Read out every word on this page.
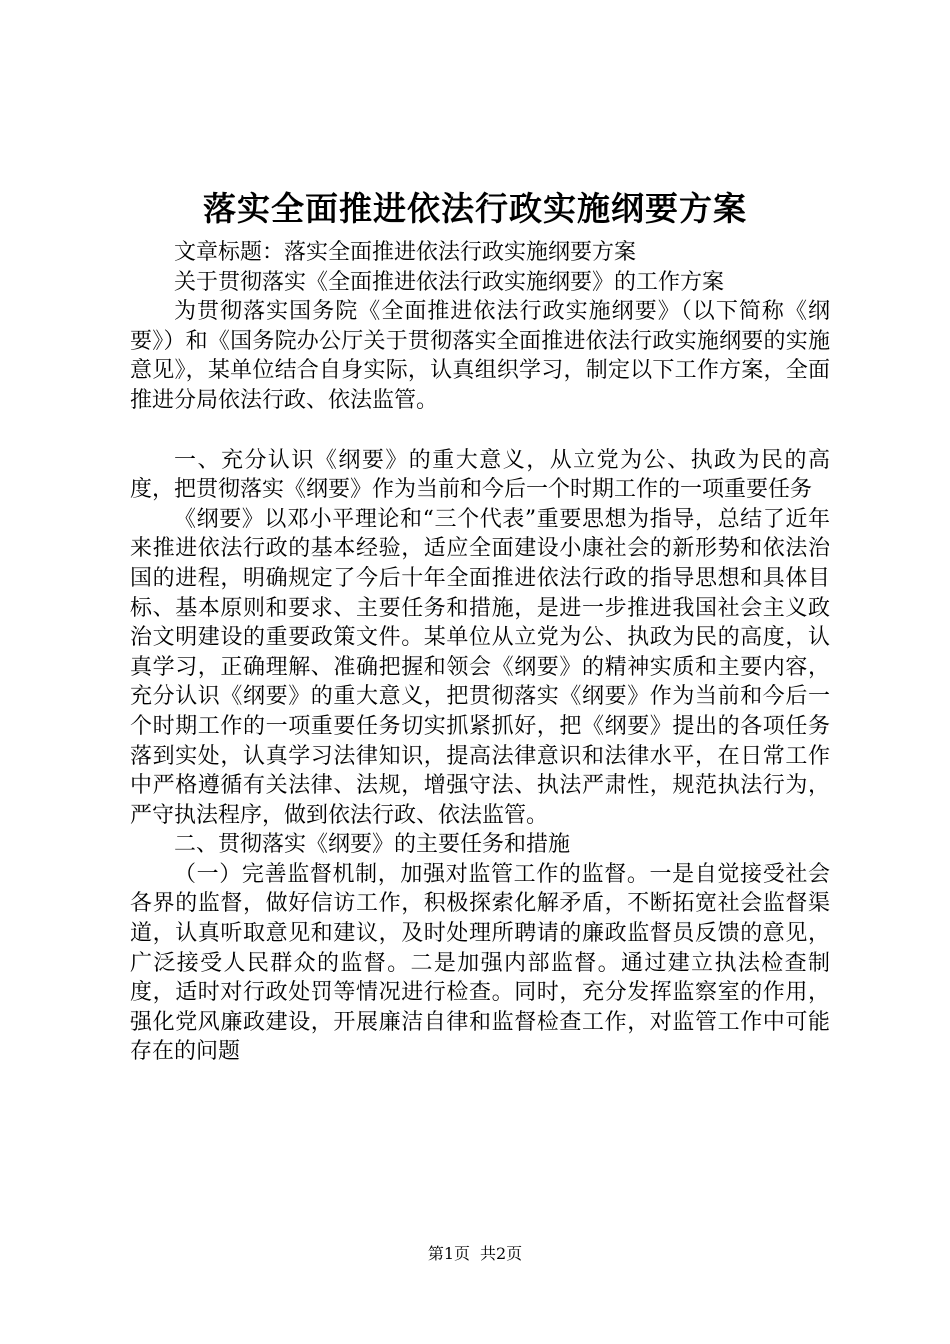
落实全面推进依法行政实施纲要方案

文章标题：落实全面推进依法行政实施纲要方案

关于贯彻落实《全面推进依法行政实施纲要》的工作方案

为贯彻落实国务院《全面推进依法行政实施纲要》（以下简称《纲要》）和《国务院办公厅关于贯彻落实全面推进依法行政实施纲要的实施意见》，某单位结合自身实际，认真组织学习，制定以下工作方案，全面推进分局依法行政、依法监管。

一、充分认识《纲要》的重大意义，从立党为公、执政为民的高度，把贯彻落实《纲要》作为当前和今后一个时期工作的一项重要任务

《纲要》以邓小平理论和“三个代表”重要思想为指导，总结了近年来推进依法行政的基本经验，适应全面建设小康社会的新形势和依法治国的进程，明确规定了今后十年全面推进依法行政的指导思想和具体目标、基本原则和要求、主要任务和措施，是进一步推进我国社会主义政治文明建设的重要政策文件。某单位从立党为公、执政为民的高度，认真学习，正确理解、准确把握和领会《纲要》的精神实质和主要内容，充分认识《纲要》的重大意义，把贯彻落实《纲要》作为当前和今后一个时期工作的一项重要任务切实抓紧抓好，把《纲要》提出的各项任务落到实处，认真学习法律知识，提高法律意识和法律水平，在日常工作中严格遵循有关法律、法规，增强守法、执法严肃性，规范执法行为，严守执法程序，做到依法行政、依法监管。

二、贯彻落实《纲要》的主要任务和措施

（一）完善监督机制，加强对监管工作的监督。一是自觉接受社会各界的监督，做好信访工作，积极探索化解矛盾，不断拓宽社会监督渠道，认真听取意见和建议，及时处理所聘请的廉政监督员反馈的意见，广泛接受人民群众的监督。二是加强内部监督。通过建立执法检查制度，适时对行政处罚等情况进行检查。同时，充分发挥监察室的作用，强化党风廉政建设，开展廉洁自律和监督检查工作，对监管工作中可能存在的问题

第1页 共2页
